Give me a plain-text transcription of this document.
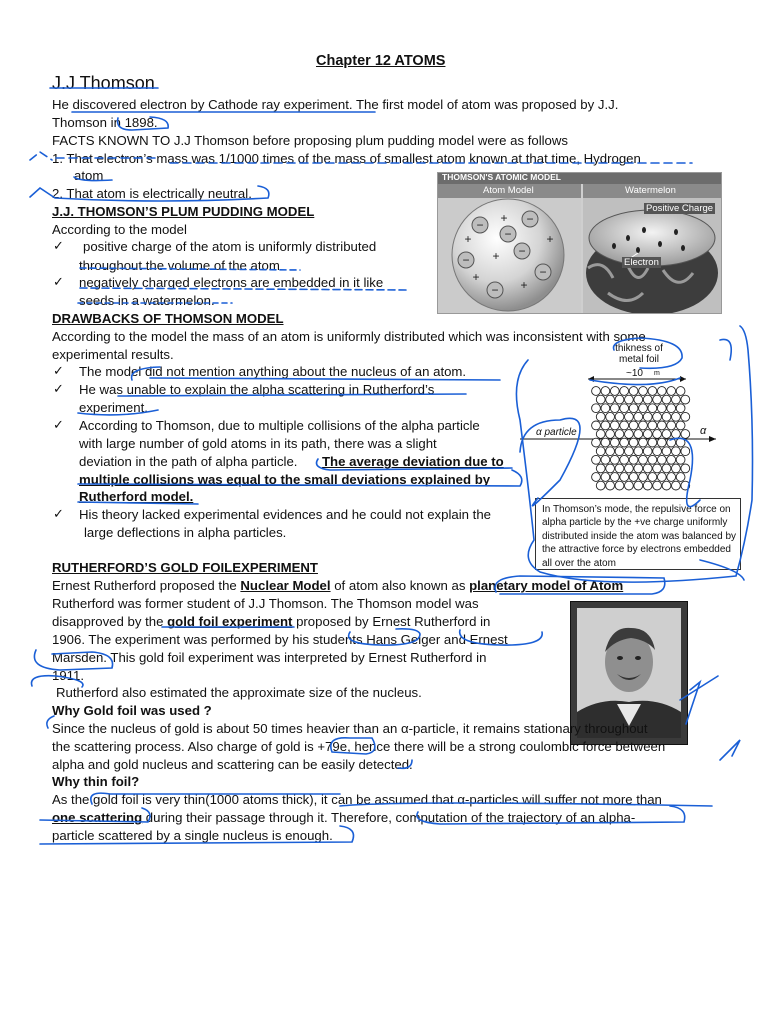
Chapter 12 ATOMS
J.J Thomson
He discovered electron by Cathode ray experiment. The first model of atom was proposed by J.J.
Thomson in 1898.
FACTS KNOWN TO J.J Thomson before proposing plum pudding model were as follows
1. That electron’s mass was 1/1000 times of the mass of smallest atom known at that time, Hydrogen
atom
2. That atom is electrically neutral.
J.J. THOMSON’S PLUM PUDDING MODEL
According to the model
✓	positive charge of the atom is uniformly distributed
throughout the volume of the atom
✓	negatively charged electrons are embedded in it like
seeds in a watermelon.
THOMSON'S ATOMIC MODEL
Atom Model	Watermelon
−	−
−
−
−
−
−
+
+
+
+
+
+
Positive Charge
Electron
DRAWBACKS OF THOMSON MODEL
According to the model the mass of an atom is uniformly distributed which was inconsistent with some
experimental results.
✓	The model did not mention anything about the nucleus of an atom.
✓	He was unable to explain the alpha scattering in Rutherford’s
experiment.
✓	According to Thomson, due to multiple collisions of the alpha particle
with large number of gold atoms in its path, there was a slight
deviation in the path of alpha particle. The average deviation due to
multiple collisions was equal to the small deviations explained by
Rutherford model.
✓	His theory lacked experimental evidences and he could not explain the
large deflections in alpha particles.
thikness of
metal foil
~10 m
α particle	α
In Thomson’s mode, the repulsive force on alpha particle by the +ve charge uniformly distributed inside the atom was balanced by the attractive force by electrons embedded all over the atom
RUTHERFORD’S GOLD FOILEXPERIMENT
Ernest Rutherford proposed the Nuclear Model of atom also known as planetary model of Atom
Rutherford was former student of J.J Thomson. The Thomson model was
disapproved by the gold foil experiment proposed by Ernest Rutherford in
1906. The experiment was performed by his students Hans Geiger and Ernest
Marsden. This gold foil experiment was interpreted by Ernest Rutherford in
1911.
Rutherford also estimated the approximate size of the nucleus.
Why Gold foil was used ?
Since the nucleus of gold is about 50 times heavier than an α-particle, it remains stationary throughout
the scattering process. Also charge of gold is +79e, hence there will be a strong coulombic force between
alpha and gold nucleus and scattering can be easily detected.
Why thin foil?
As the gold foil is very thin(1000 atoms thick), it can be assumed that α-particles will suffer not more than
one scattering during their passage through it. Therefore, computation of the trajectory of an alpha-
particle scattered by a single nucleus is enough.
